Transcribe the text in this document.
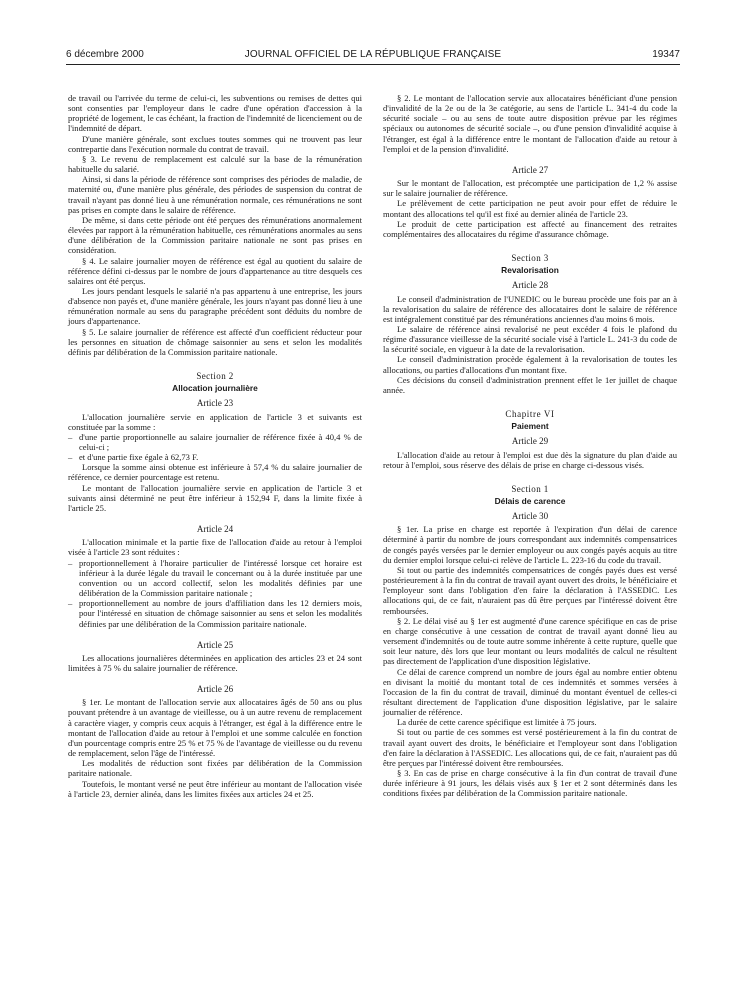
6 décembre 2000	JOURNAL OFFICIEL DE LA RÉPUBLIQUE FRANÇAISE	19347

de travail ou l'arrivée du terme de celui-ci, les subventions ou remises de dettes qui sont consenties par l'employeur dans le cadre d'une opération d'accession à la propriété de logement, le cas échéant, la fraction de l'indemnité de licenciement ou de l'indemnité de départ.

D'une manière générale, sont exclues toutes sommes qui ne trouvent pas leur contrepartie dans l'exécution normale du contrat de travail.

§ 3. Le revenu de remplacement est calculé sur la base de la rémunération habituelle du salarié.

Ainsi, si dans la période de référence sont comprises des périodes de maladie, de maternité ou, d'une manière plus générale, des périodes de suspension du contrat de travail n'ayant pas donné lieu à une rémunération normale, ces rémunérations ne sont pas prises en compte dans le salaire de référence.

De même, si dans cette période ont été perçues des rémunérations anormalement élevées par rapport à la rémunération habituelle, ces rémunérations anormales au sens d'une délibération de la Commission paritaire nationale ne sont pas prises en considération.

§ 4. Le salaire journalier moyen de référence est égal au quotient du salaire de référence défini ci-dessus par le nombre de jours d'appartenance au titre desquels ces salaires ont été perçus.

Les jours pendant lesquels le salarié n'a pas appartenu à une entreprise, les jours d'absence non payés et, d'une manière générale, les jours n'ayant pas donné lieu à une rémunération normale au sens du paragraphe précédent sont déduits du nombre de jours d'appartenance.

§ 5. Le salaire journalier de référence est affecté d'un coefficient réducteur pour les personnes en situation de chômage saisonnier au sens et selon les modalités définis par délibération de la Commission paritaire nationale.

Section 2
Allocation journalière
Article 23

L'allocation journalière servie en application de l'article 3 et suivants est constituée par la somme :

– d'une partie proportionnelle au salaire journalier de référence fixée à 40,4 % de celui-ci ;
– et d'une partie fixe égale à 62,73 F.

Lorsque la somme ainsi obtenue est inférieure à 57,4 % du salaire journalier de référence, ce dernier pourcentage est retenu.

Le montant de l'allocation journalière servie en application de l'article 3 et suivants ainsi déterminé ne peut être inférieur à 152,94 F, dans la limite fixée à l'article 25.

Article 24

L'allocation minimale et la partie fixe de l'allocation d'aide au retour à l'emploi visée à l'article 23 sont réduites :

– proportionnellement à l'horaire particulier de l'intéressé lorsque cet horaire est inférieur à la durée légale du travail le concernant ou à la durée instituée par une convention ou un accord collectif, selon les modalités définies par une délibération de la Commission paritaire nationale ;
– proportionnellement au nombre de jours d'affiliation dans les 12 derniers mois, pour l'intéressé en situation de chômage saisonnier au sens et selon les modalités définies par une délibération de la Commission paritaire nationale.
Article 25

Les allocations journalières déterminées en application des articles 23 et 24 sont limitées à 75 % du salaire journalier de référence.

Article 26

§ 1er. Le montant de l'allocation servie aux allocataires âgés de 50 ans ou plus pouvant prétendre à un avantage de vieillesse, ou à un autre revenu de remplacement à caractère viager, y compris ceux acquis à l'étranger, est égal à la différence entre le montant de l'allocation d'aide au retour à l'emploi et une somme calculée en fonction d'un pourcentage compris entre 25 % et 75 % de l'avantage de vieillesse ou du revenu de remplacement, selon l'âge de l'intéressé.

Les modalités de réduction sont fixées par délibération de la Commission paritaire nationale.

Toutefois, le montant versé ne peut être inférieur au montant de l'allocation visée à l'article 23, dernier alinéa, dans les limites fixées aux articles 24 et 25.

§ 2. Le montant de l'allocation servie aux allocataires bénéficiant d'une pension d'invalidité de la 2e ou de la 3e catégorie, au sens de l'article L. 341-4 du code la sécurité sociale – ou au sens de toute autre disposition prévue par les régimes spéciaux ou autonomes de sécurité sociale –, ou d'une pension d'invalidité acquise à l'étranger, est égal à la différence entre le montant de l'allocation d'aide au retour à l'emploi et de la pension d'invalidité.

Article 27

Sur le montant de l'allocation, est précomptée une participation de 1,2 % assise sur le salaire journalier de référence.

Le prélèvement de cette participation ne peut avoir pour effet de réduire le montant des allocations tel qu'il est fixé au dernier alinéa de l'article 23.

Le produit de cette participation est affecté au financement des retraites complémentaires des allocataires du régime d'assurance chômage.

Section 3
Revalorisation
Article 28

Le conseil d'administration de l'UNEDIC ou le bureau procède une fois par an à la revalorisation du salaire de référence des allocataires dont le salaire de référence est intégralement constitué par des rémunérations anciennes d'au moins 6 mois.

Le salaire de référence ainsi revalorisé ne peut excéder 4 fois le plafond du régime d'assurance vieillesse de la sécurité sociale visé à l'article L. 241-3 du code de la sécurité sociale, en vigueur à la date de la revalorisation.

Le conseil d'administration procède également à la revalorisation de toutes les allocations, ou parties d'allocations d'un montant fixe.

Ces décisions du conseil d'administration prennent effet le 1er juillet de chaque année.

Chapitre VI
Paiement
Article 29

L'allocation d'aide au retour à l'emploi est due dès la signature du plan d'aide au retour à l'emploi, sous réserve des délais de prise en charge ci-dessous visés.

Section 1
Délais de carence
Article 30

§ 1er. La prise en charge est reportée à l'expiration d'un délai de carence déterminé à partir du nombre de jours correspondant aux indemnités compensatrices de congés payés versées par le dernier employeur ou aux congés payés acquis au titre du dernier emploi lorsque celui-ci relève de l'article L. 223-16 du code du travail.

Si tout ou partie des indemnités compensatrices de congés payés dues est versé postérieurement à la fin du contrat de travail ayant ouvert des droits, le bénéficiaire et l'employeur sont dans l'obligation d'en faire la déclaration à l'ASSEDIC. Les allocations qui, de ce fait, n'auraient pas dû être perçues par l'intéressé doivent être remboursées.

§ 2. Le délai visé au § 1er est augmenté d'une carence spécifique en cas de prise en charge consécutive à une cessation de contrat de travail ayant donné lieu au versement d'indemnités ou de toute autre somme inhérente à cette rupture, quelle que soit leur nature, dès lors que leur montant ou leurs modalités de calcul ne résultent pas directement de l'application d'une disposition législative.

Ce délai de carence comprend un nombre de jours égal au nombre entier obtenu en divisant la moitié du montant total de ces indemnités et sommes versées à l'occasion de la fin du contrat de travail, diminué du montant éventuel de celles-ci résultant directement de l'application d'une disposition législative, par le salaire journalier de référence.

La durée de cette carence spécifique est limitée à 75 jours.

Si tout ou partie de ces sommes est versé postérieurement à la fin du contrat de travail ayant ouvert des droits, le bénéficiaire et l'employeur sont dans l'obligation d'en faire la déclaration à l'ASSEDIC. Les allocations qui, de ce fait, n'auraient pas dû être perçues par l'intéressé doivent être remboursées.

§ 3. En cas de prise en charge consécutive à la fin d'un contrat de travail d'une durée inférieure à 91 jours, les délais visés aux § 1er et 2 sont déterminés dans les conditions fixées par délibération de la Commission paritaire nationale.
